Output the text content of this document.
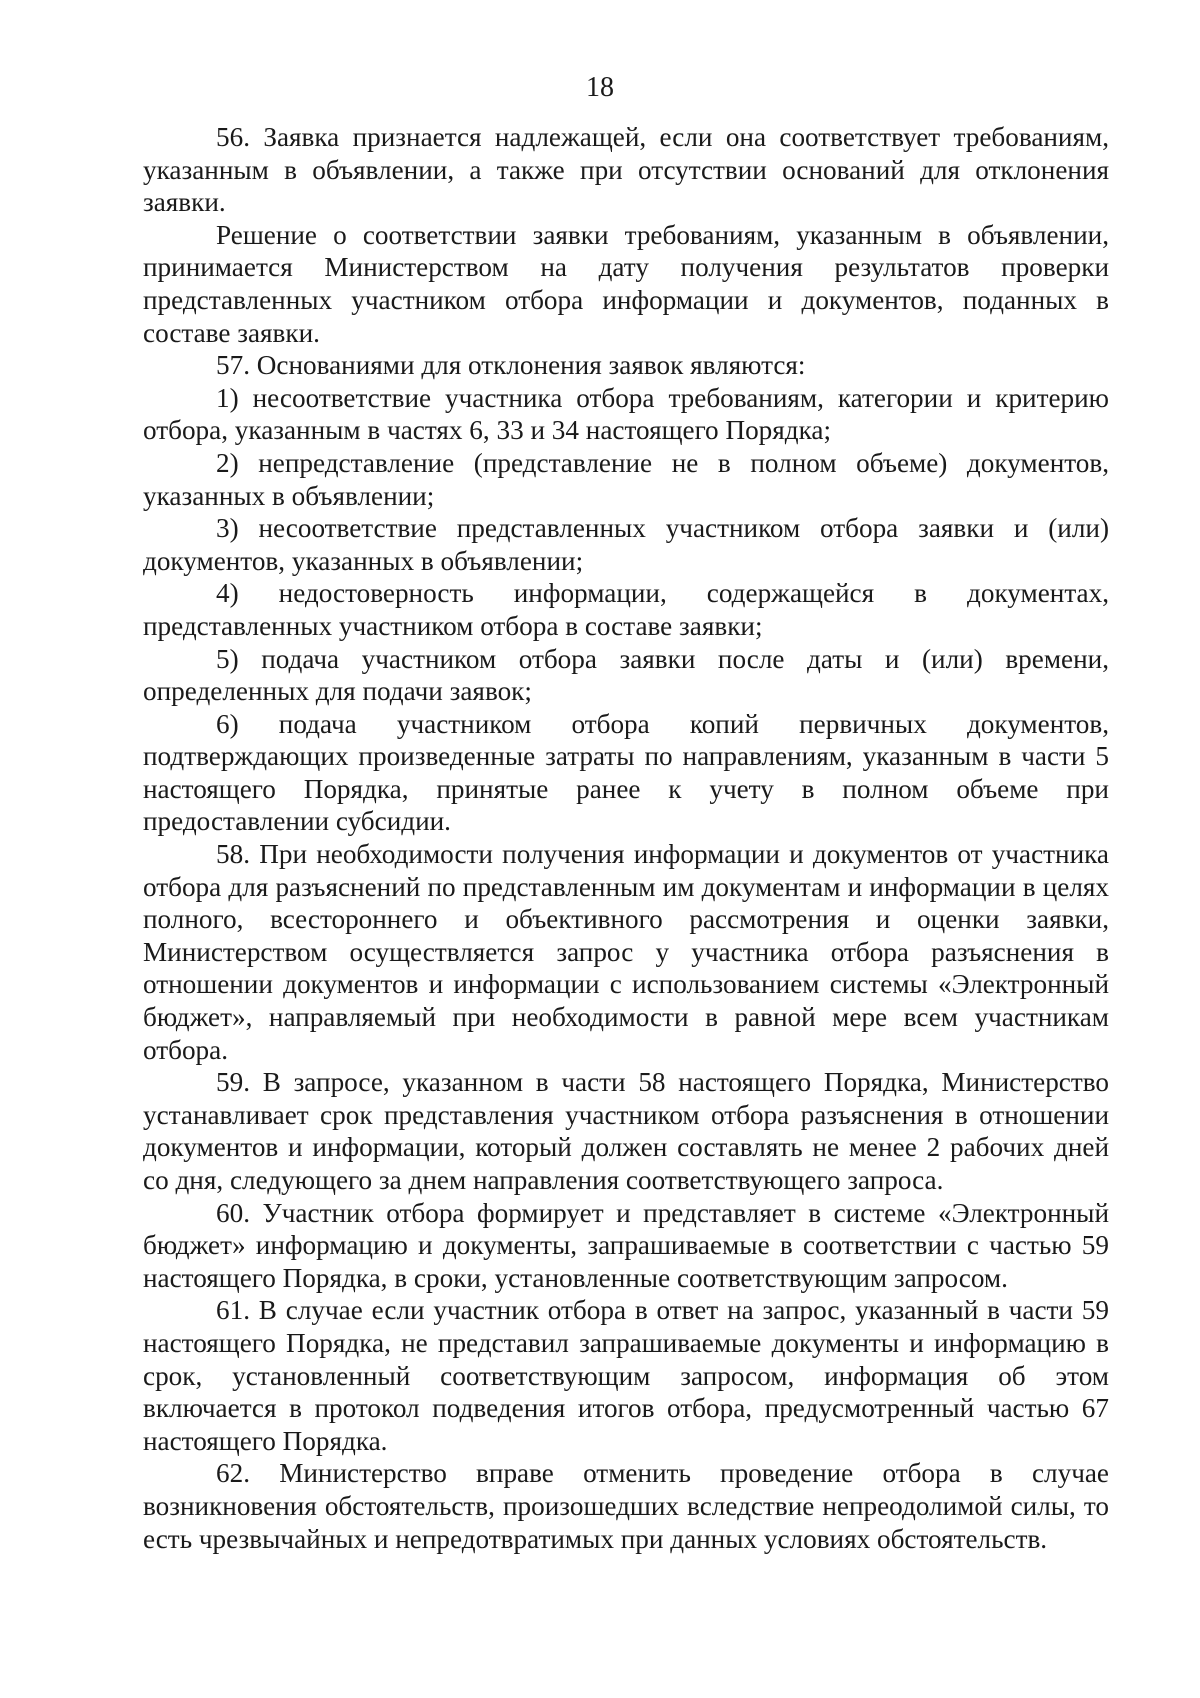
18

56. Заявка признается надлежащей, если она соответствует требованиям, указанным в объявлении, а также при отсутствии оснований для отклонения заявки.

Решение о соответствии заявки требованиям, указанным в объявлении, принимается Министерством на дату получения результатов проверки представленных участником отбора информации и документов, поданных в составе заявки.

57. Основаниями для отклонения заявок являются:

1) несоответствие участника отбора требованиям, категории и критерию отбора, указанным в частях 6, 33 и 34 настоящего Порядка;

2) непредставление (представление не в полном объеме) документов, указанных в объявлении;

3) несоответствие представленных участником отбора заявки и (или) документов, указанных в объявлении;

4) недостоверность информации, содержащейся в документах, представленных участником отбора в составе заявки;

5) подача участником отбора заявки после даты и (или) времени, определенных для подачи заявок;

6) подача участником отбора копий первичных документов, подтверждающих произведенные затраты по направлениям, указанным в части 5 настоящего Порядка, принятые ранее к учету в полном объеме при предоставлении субсидии.

58. При необходимости получения информации и документов от участника отбора для разъяснений по представленным им документам и информации в целях полного, всестороннего и объективного рассмотрения и оценки заявки, Министерством осуществляется запрос у участника отбора разъяснения в отношении документов и информации с использованием системы «Электронный бюджет», направляемый при необходимости в равной мере всем участникам отбора.

59. В запросе, указанном в части 58 настоящего Порядка, Министерство устанавливает срок представления участником отбора разъяснения в отношении документов и информации, который должен составлять не менее 2 рабочих дней со дня, следующего за днем направления соответствующего запроса.

60. Участник отбора формирует и представляет в системе «Электронный бюджет» информацию и документы, запрашиваемые в соответствии с частью 59 настоящего Порядка, в сроки, установленные соответствующим запросом.

61. В случае если участник отбора в ответ на запрос, указанный в части 59 настоящего Порядка, не представил запрашиваемые документы и информацию в срок, установленный соответствующим запросом, информация об этом включается в протокол подведения итогов отбора, предусмотренный частью 67 настоящего Порядка.

62. Министерство вправе отменить проведение отбора в случае возникновения обстоятельств, произошедших вследствие непреодолимой силы, то есть чрезвычайных и непредотвратимых при данных условиях обстоятельств.
